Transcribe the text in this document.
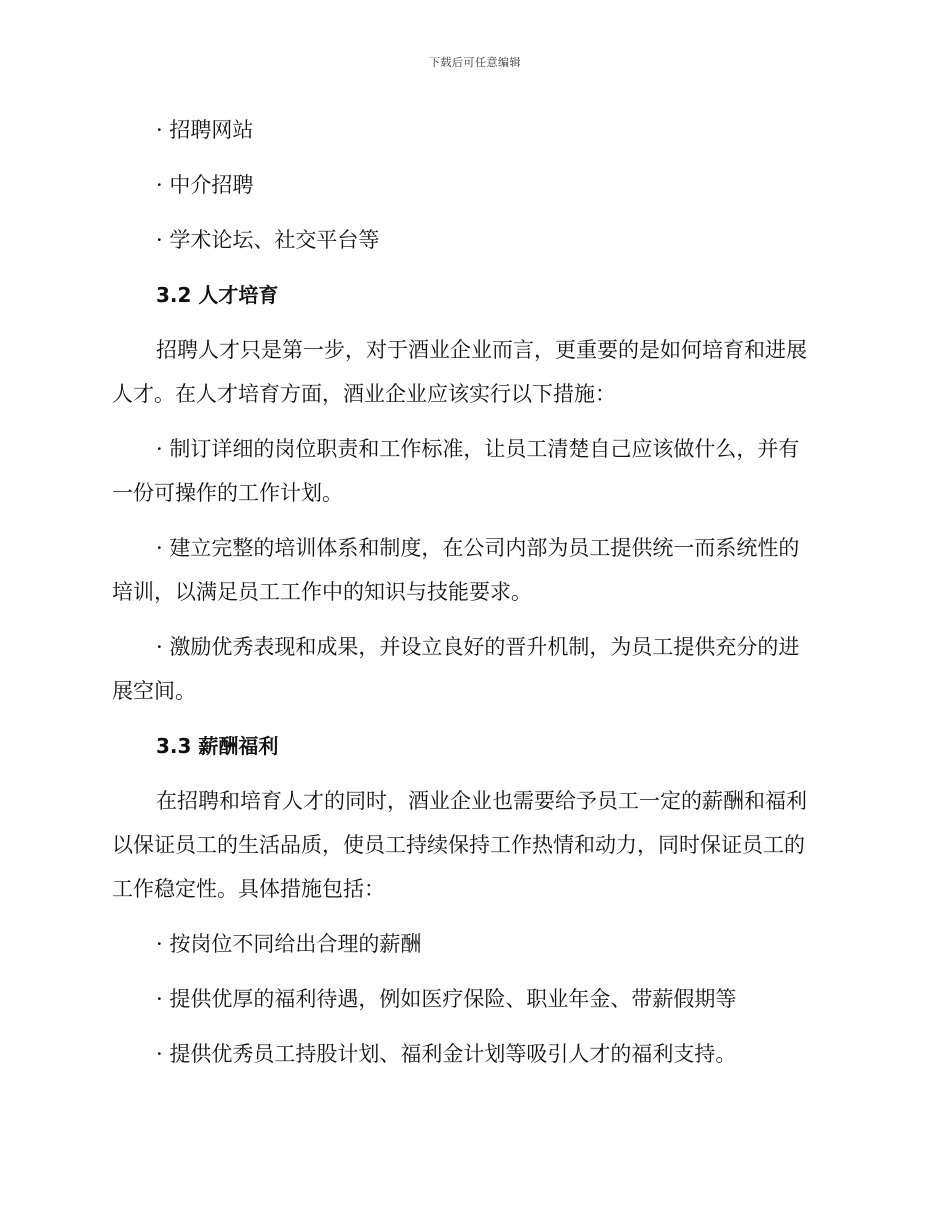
下载后可任意编辑

· 招聘网站

· 中介招聘

· 学术论坛、社交平台等

3.2 人才培育

招聘人才只是第一步，对于酒业企业而言，更重要的是如何培育和进展

人才。在人才培育方面，酒业企业应该实行以下措施：

· 制订详细的岗位职责和工作标准，让员工清楚自己应该做什么，并有

一份可操作的工作计划。

· 建立完整的培训体系和制度，在公司内部为员工提供统一而系统性的

培训，以满足员工工作中的知识与技能要求。

· 激励优秀表现和成果，并设立良好的晋升机制，为员工提供充分的进

展空间。

3.3 薪酬福利

在招聘和培育人才的同时，酒业企业也需要给予员工一定的薪酬和福利

以保证员工的生活品质，使员工持续保持工作热情和动力，同时保证员工的

工作稳定性。具体措施包括：

· 按岗位不同给出合理的薪酬

· 提供优厚的福利待遇，例如医疗保险、职业年金、带薪假期等

· 提供优秀员工持股计划、福利金计划等吸引人才的福利支持。
